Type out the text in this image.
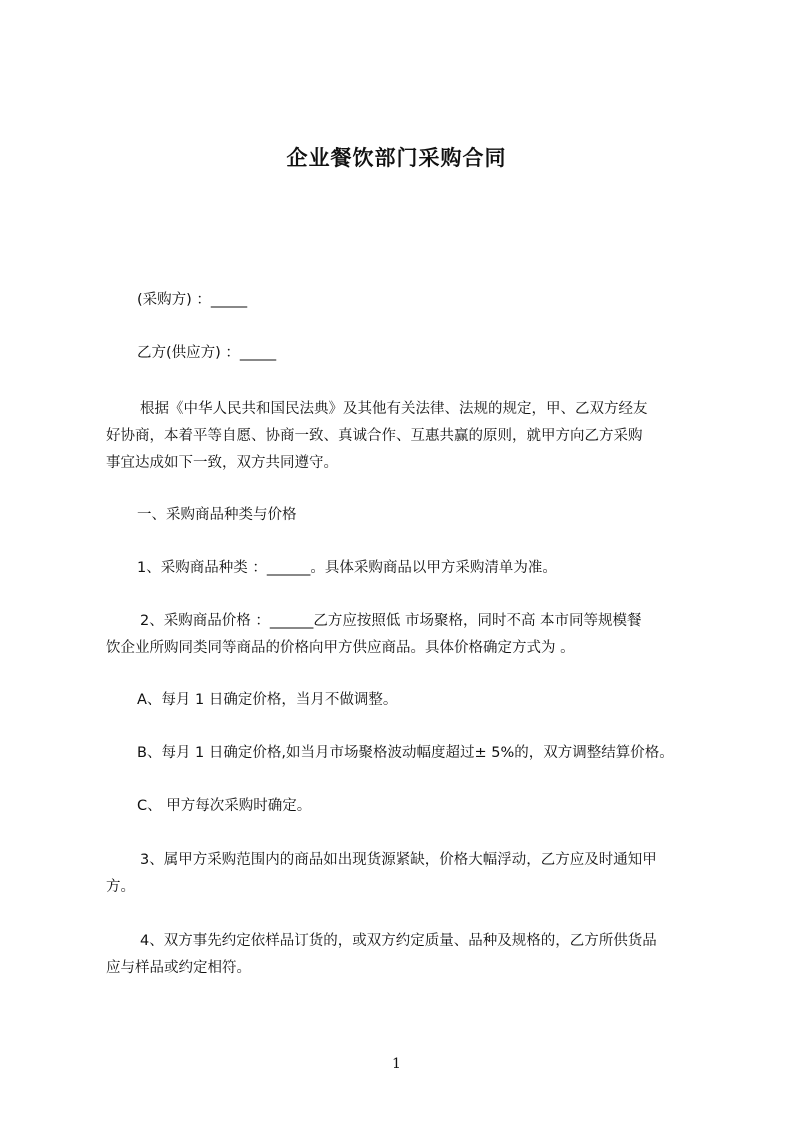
企业餐饮部门采购合同
(采购方) ：_____
乙方(供应方) ：_____
根据《中华人民共和国民法典》及其他有关法律、法规的规定，甲、乙双方经友
好协商，本着平等自愿、协商一致、真诚合作、互惠共赢的原则，就甲方向乙方采购
事宜达成如下一致，双方共同遵守。
一、采购商品种类与价格
1、采购商品种类 ：______。具体采购商品以甲方采购清单为准。
2、采购商品价格 ：______乙方应按照低 市场聚格，同时不高 本市同等规模餐
饮企业所购同类同等商品的价格向甲方供应商品。具体价格确定方式为 。
A、每月 1 日确定价格，当月不做调整。
B、每月 1 日确定价格,如当月市场聚格波动幅度超过± 5%的，双方调整结算价格。
C、 甲方每次采购时确定。
3、属甲方采购范围内的商品如出现货源紧缺，价格大幅浮动，乙方应及时通知甲
方。
4、双方事先约定依样品订货的，或双方约定质量、品种及规格的，乙方所供货品
应与样品或约定相符。
1
